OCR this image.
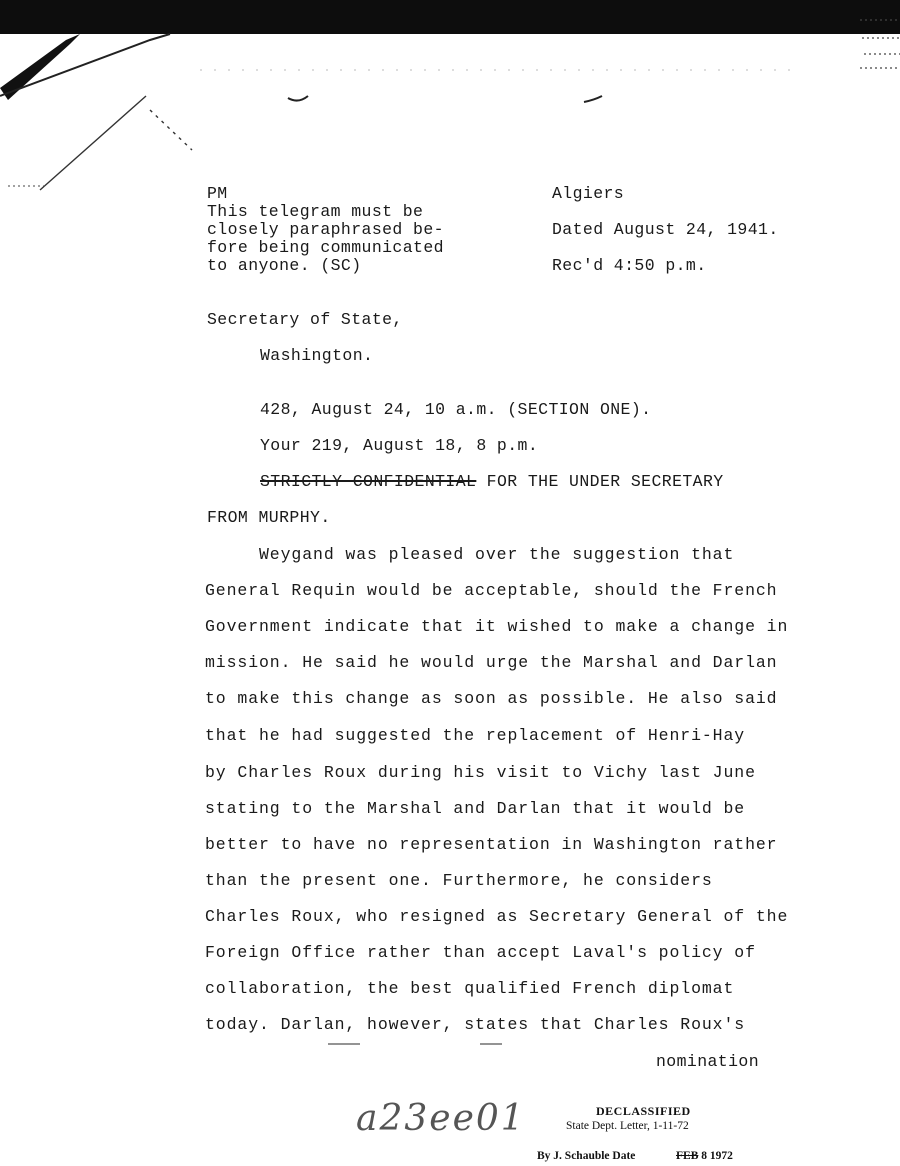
PM
This telegram must be
closely paraphrased be-
fore being communicated
to anyone. (SC)
Algiers
Dated August 24, 1941.
Rec'd 4:50 p.m.
Secretary of State,
Washington.
428, August 24, 10 a.m. (SECTION ONE).
Your 219, August 18, 8 p.m.
STRICTLY CONFIDENTIAL FOR THE UNDER SECRETARY
FROM MURPHY.
Weygand was pleased over the suggestion that
General Requin would be acceptable, should the French
Government indicate that it wished to make a change in
mission. He said he would urge the Marshal and Darlan
to make this change as soon as possible. He also said
that he had suggested the replacement of Henri-Hay
by Charles Roux during his visit to Vichy last June
stating to the Marshal and Darlan that it would be
better to have no representation in Washington rather
than the present one. Furthermore, he considers
Charles Roux, who resigned as Secretary General of the
Foreign Office rather than accept Laval's policy of
collaboration, the best qualified French diplomat
today. Darlan, however, states that Charles Roux's
nomination
a23ee01	DECLASSIFIED
State Dept. Letter, 1-11-72
By J. Schauble Date	FEB 8 1972
